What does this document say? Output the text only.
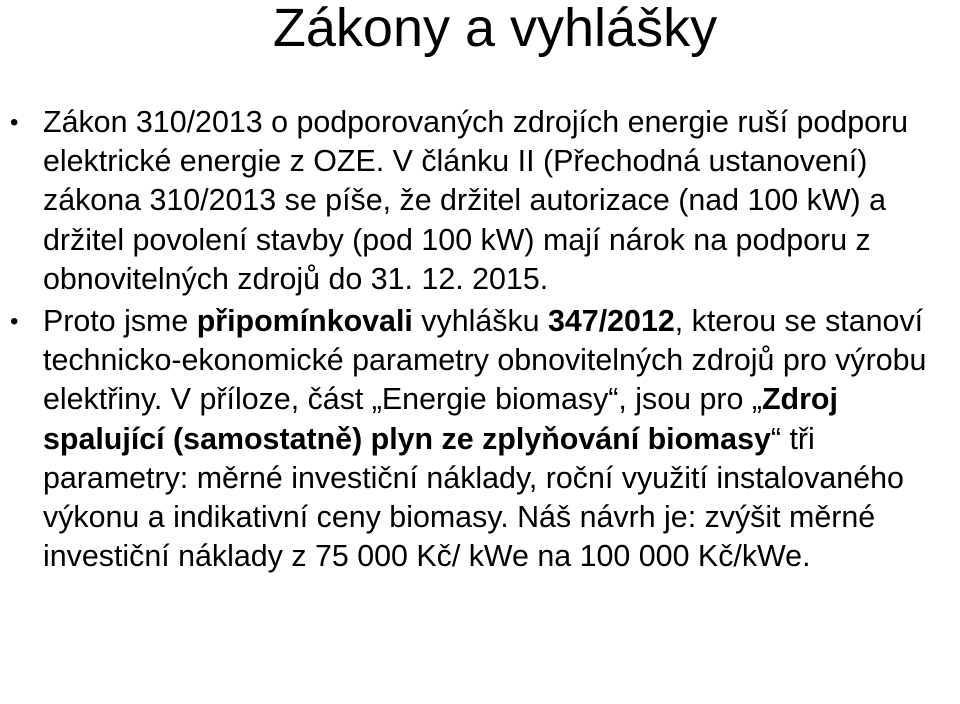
Zákony a vyhlášky
• Zákon 310/2013 o podporovaných zdrojích energie ruší podporu elektrické energie z OZE. V článku II (Přechodná ustanovení) zákona 310/2013 se píše, že držitel autorizace (nad 100 kW) a držitel povolení stavby (pod 100 kW) mají nárok na podporu z obnovitelných zdrojů do 31. 12. 2015.
• Proto jsme připomínkovali vyhlášku 347/2012, kterou se stanoví technicko-ekonomické parametry obnovitelných zdrojů pro výrobu elektřiny. V příloze, část „Energie biomasy“, jsou pro „Zdroj spalující (samostatně) plyn ze zplyňování biomasy“ tři parametry: měrné investiční náklady, roční využití instalovaného výkonu a indikativní ceny biomasy. Náš návrh je: zvýšit měrné investiční náklady z 75 000 Kč/ kWe na 100 000 Kč/kWe.
